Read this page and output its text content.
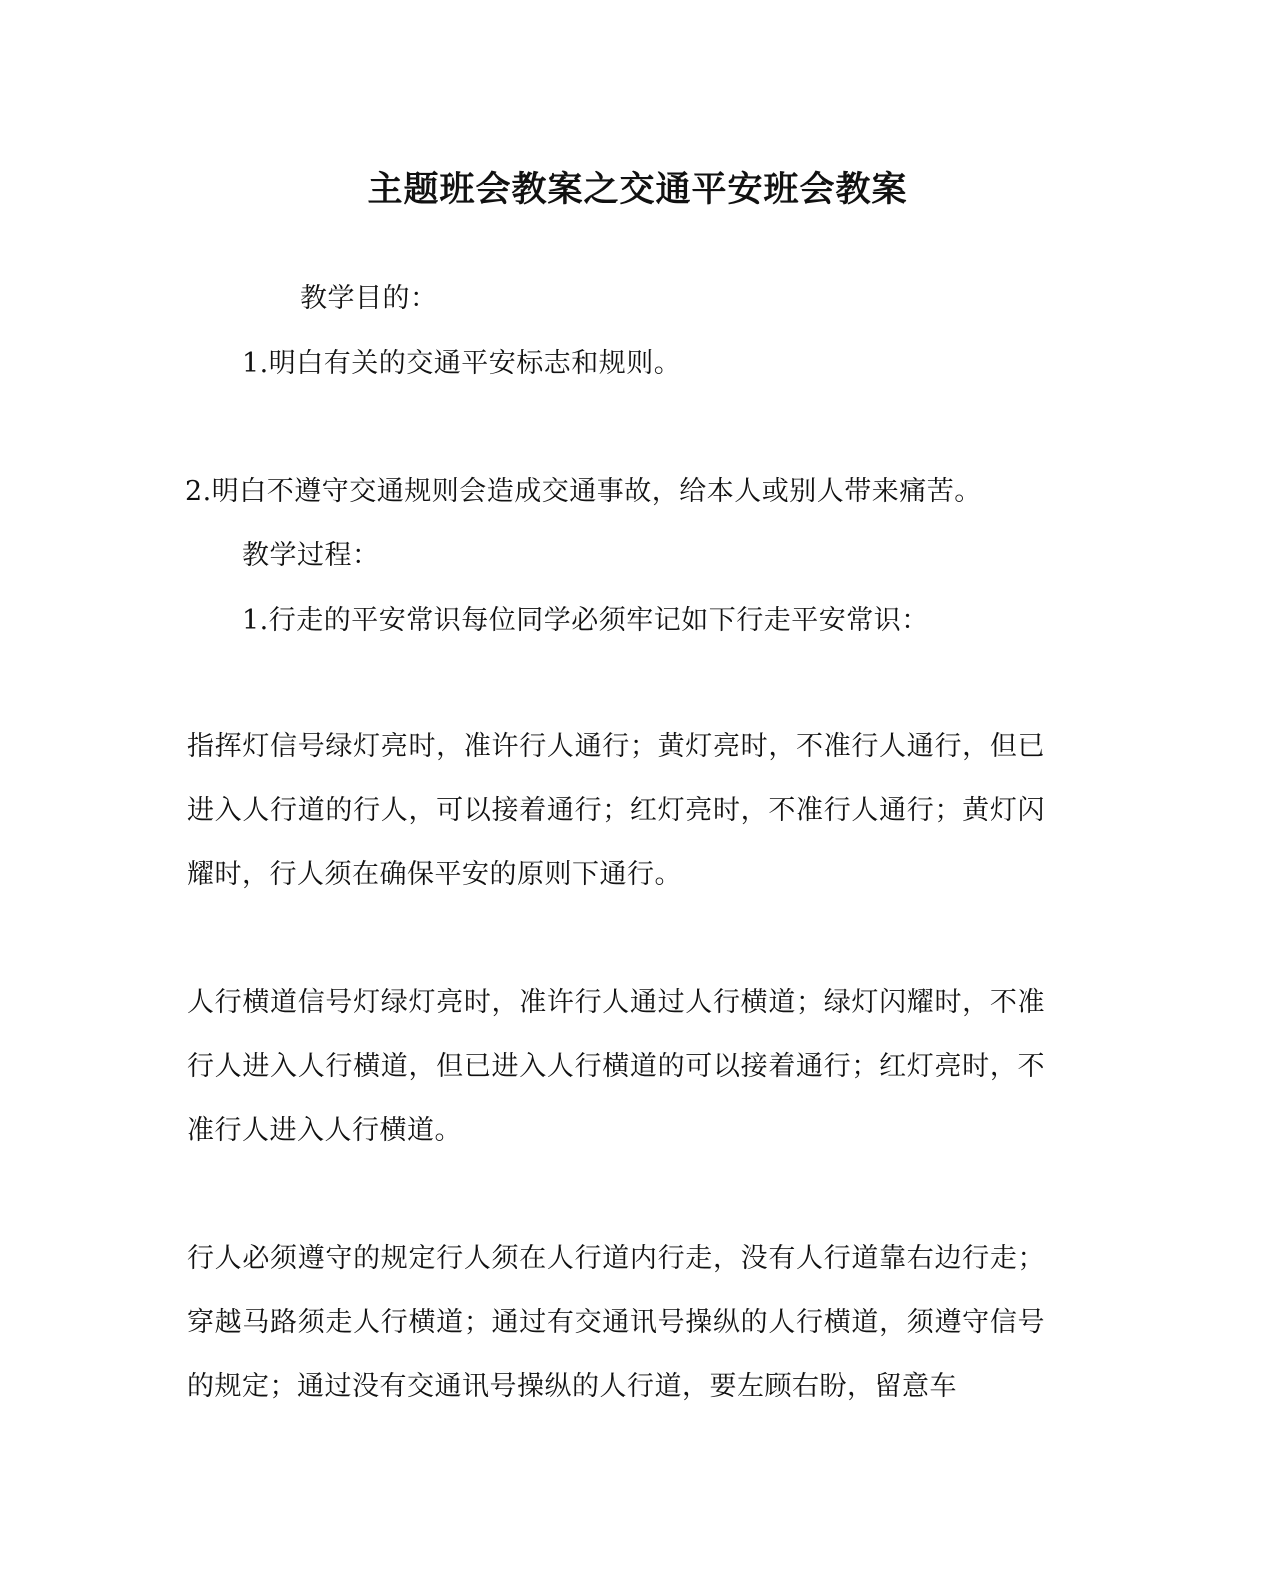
主题班会教案之交通平安班会教案
教学目的：
1.明白有关的交通平安标志和规则。
2.明白不遵守交通规则会造成交通事故，给本人或别人带来痛苦。
教学过程：
1.行走的平安常识每位同学必须牢记如下行走平安常识：
指挥灯信号绿灯亮时，准许行人通行；黄灯亮时，不准行人通行，但已进入人行道的行人，可以接着通行；红灯亮时，不准行人通行；黄灯闪耀时，行人须在确保平安的原则下通行。
人行横道信号灯绿灯亮时，准许行人通过人行横道；绿灯闪耀时，不准行人进入人行横道，但已进入人行横道的可以接着通行；红灯亮时，不准行人进入人行横道。
行人必须遵守的规定行人须在人行道内行走，没有人行道靠右边行走；穿越马路须走人行横道；通过有交通讯号操纵的人行横道，须遵守信号的规定；通过没有交通讯号操纵的人行道，要左顾右盼，留意车
